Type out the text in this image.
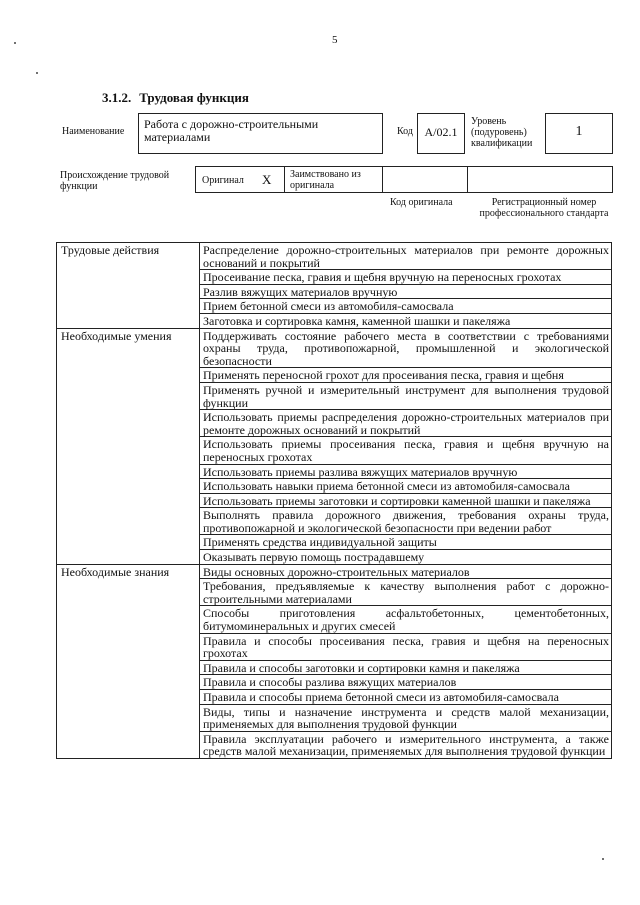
5
3.1.2. Трудовая функция
Наименование
Работа с дорожно-строительными материалами	Код A/02.1
Уровень (подуровень) квалификации
1
Происхождение трудовой функции
Оригинал X Заимствовано из оригинала
Код оригинала	Регистрационный номер профессионального стандарта
Трудовые действия	Распределение дорожно-строительных материалов при ремонте дорожных оснований и покрытий
	Просеивание песка, гравия и щебня вручную на переносных грохотах
	Разлив вяжущих материалов вручную
	Прием бетонной смеси из автомобиля-самосвала
	Заготовка и сортировка камня, каменной шашки и пакеляжа
Необходимые умения	Поддерживать состояние рабочего места в соответствии с требованиями охраны труда, противопожарной, промышленной и экологической безопасности
	Применять переносной грохот для просеивания песка, гравия и щебня
	Применять ручной и измерительный инструмент для выполнения трудовой функции
	Использовать приемы распределения дорожно-строительных материалов при ремонте дорожных оснований и покрытий
	Использовать приемы просеивания песка, гравия и щебня вручную на переносных грохотах
	Использовать приемы разлива вяжущих материалов вручную
	Использовать навыки приема бетонной смеси из автомобиля-самосвала
	Использовать приемы заготовки и сортировки каменной шашки и пакеляжа
	Выполнять правила дорожного движения, требования охраны труда, противопожарной и экологической безопасности при ведении работ
	Применять средства индивидуальной защиты
	Оказывать первую помощь пострадавшему
Необходимые знания	Виды основных дорожно-строительных материалов
	Требования, предъявляемые к качеству выполнения работ с дорожно-строительными материалами
	Способы приготовления асфальтобетонных, цементобетонных, битумоминеральных и других смесей
	Правила и способы просеивания песка, гравия и щебня на переносных грохотах
	Правила и способы заготовки и сортировки камня и пакеляжа
	Правила и способы разлива вяжущих материалов
	Правила и способы приема бетонной смеси из автомобиля-самосвала
	Виды, типы и назначение инструмента и средств малой механизации, применяемых для выполнения трудовой функции
	Правила эксплуатации рабочего и измерительного инструмента, а также средств малой механизации, применяемых для выполнения трудовой функции
